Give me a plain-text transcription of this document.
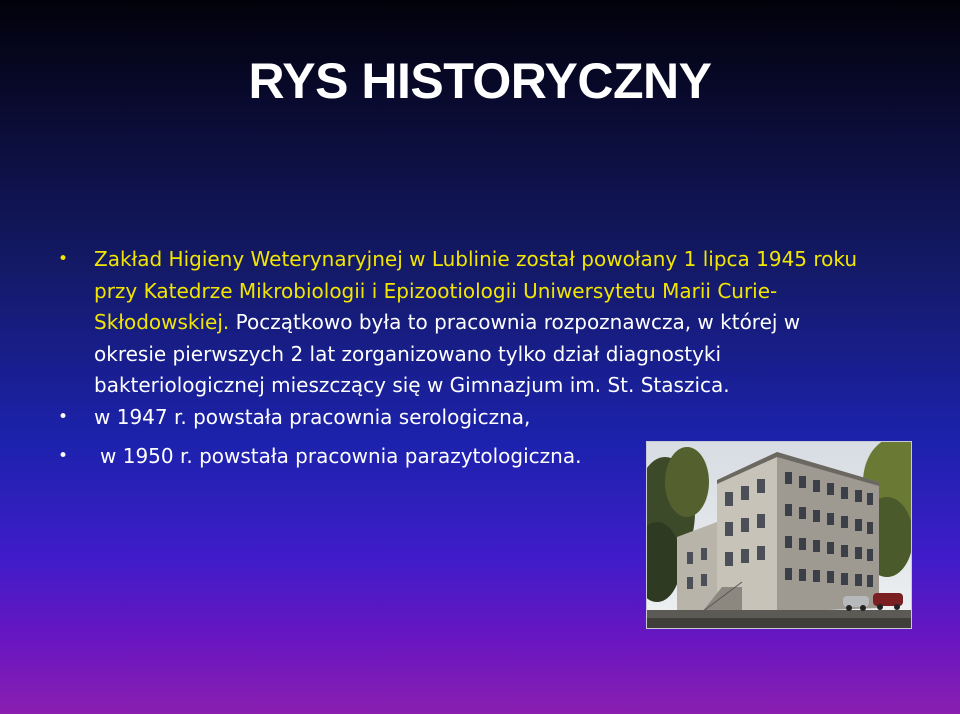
RYS HISTORYCZNY
• Zakład Higieny Weterynaryjnej w Lublinie został powołany 1 lipca 1945 roku przy Katedrze Mikrobiologii i Epizootiologii Uniwersytetu Marii Curie-Skłodowskiej. Początkowo była to pracownia rozpoznawcza, w której w okresie pierwszych 2 lat zorganizowano tylko dział diagnostyki bakteriologicznej mieszczący się w Gimnazjum im. St. Staszica.
• w 1947 r. powstała pracownia serologiczna,
• w 1950 r. powstała pracownia parazytologiczna.
